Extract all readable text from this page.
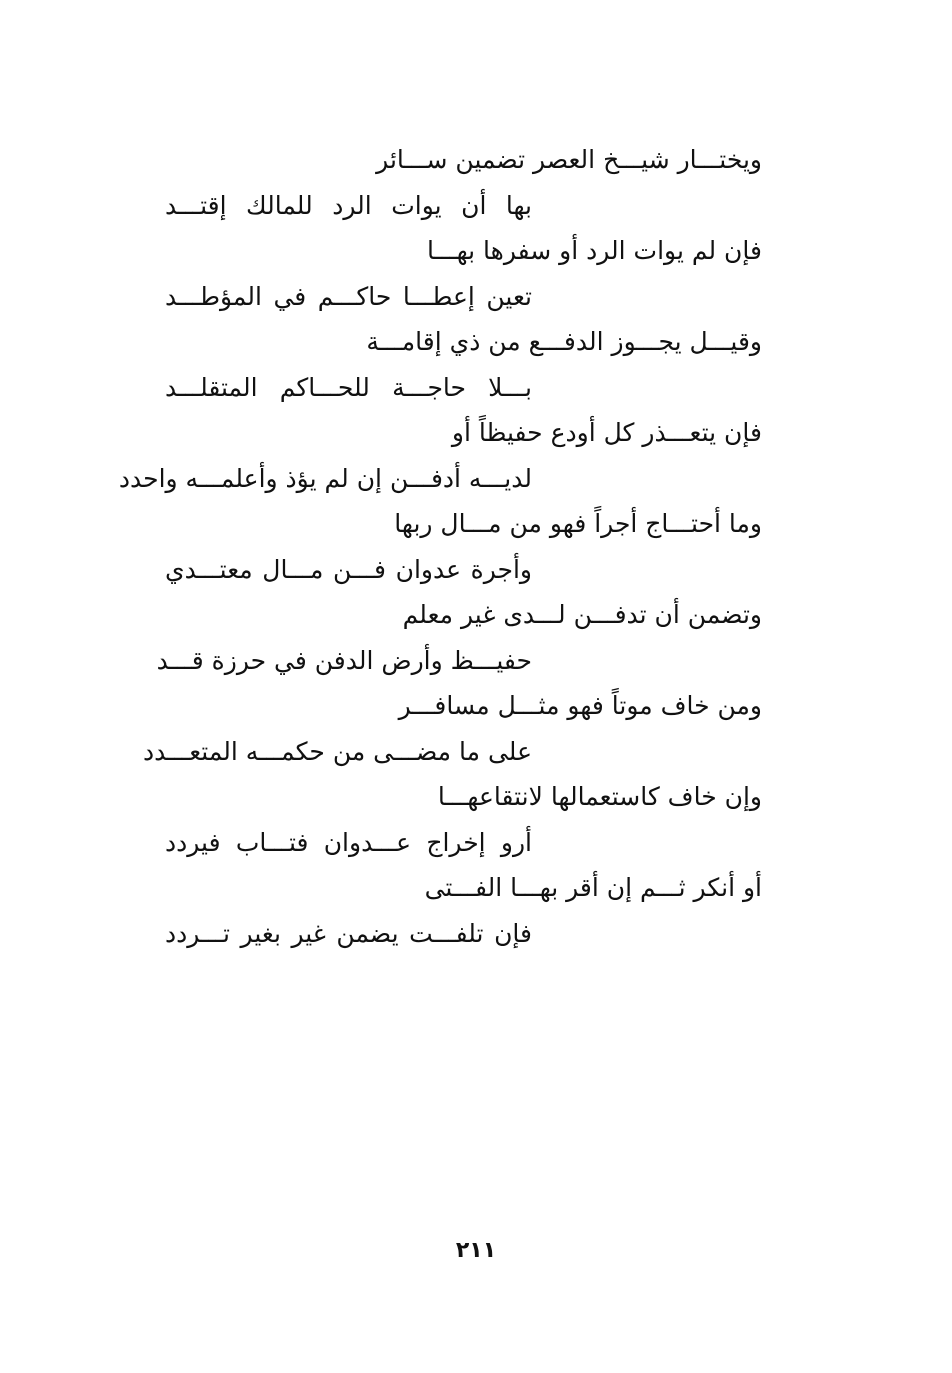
ويختـــار شيـــخ العصر تضمين ســـائر
بها أن يوات الرد للمالك إقتـــد
فإن لم يوات الرد أو سفرها بهـــا
تعين إعطـــا حاكـــم في المؤطـــد
وقيـــل يجـــوز الدفـــع من ذي إقامـــة
بـــلا حاجـــة للحـــاكم المتقلـــد
فإن يتعـــذر كل أودع حفيظاً أو
لديـــه أدفـــن إن لم يؤذ وأعلمـــه واحدد
وما أحتـــاج أجراً فهو من مـــال ربها
وأجرة عدوان فـــن مـــال معتـــدي
وتضمن أن تدفـــن لـــدى غير معلم
حفيـــظ وأرض الدفن في حرزة قـــد
ومن خاف موتاً فهو مثـــل مسافـــر
على ما مضـــى من حكمـــه المتعـــدد
وإن خاف كاستعمالها لانتقاعهـــا
أرو إخراج عـــدوان فتـــاب فيردد
أو أنكر ثـــم إن أقر بهـــا الفـــتى
فإن تلفـــت يضمن غير بغير تـــردد
٢١١
